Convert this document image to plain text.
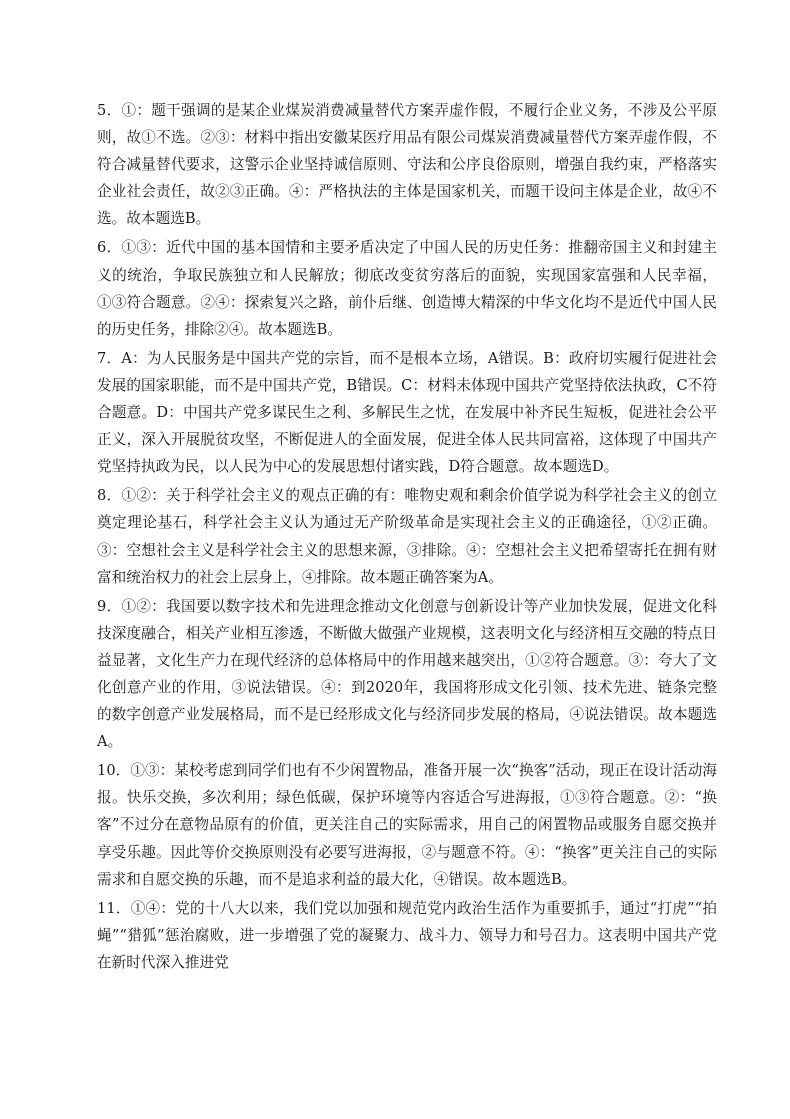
5．①：题干强调的是某企业煤炭消费减量替代方案弄虚作假，不履行企业义务，不涉及公平原则，故①不选。②③：材料中指出安徽某医疗用品有限公司煤炭消费减量替代方案弄虚作假，不符合减量替代要求，这警示企业坚持诚信原则、守法和公序良俗原则，增强自我约束，严格落实企业社会责任，故②③正确。④：严格执法的主体是国家机关，而题干设问主体是企业，故④不选。故本题选B。

6．①③：近代中国的基本国情和主要矛盾决定了中国人民的历史任务：推翻帝国主义和封建主义的统治，争取民族独立和人民解放；彻底改变贫穷落后的面貌，实现国家富强和人民幸福，①③符合题意。②④：探索复兴之路，前仆后继、创造博大精深的中华文化均不是近代中国人民的历史任务，排除②④。故本题选B。

7．A：为人民服务是中国共产党的宗旨，而不是根本立场，A错误。B：政府切实履行促进社会发展的国家职能，而不是中国共产党，B错误。C：材料未体现中国共产党坚持依法执政，C不符合题意。D：中国共产党多谋民生之利、多解民生之忧，在发展中补齐民生短板，促进社会公平正义，深入开展脱贫攻坚，不断促进人的全面发展，促进全体人民共同富裕，这体现了中国共产党坚持执政为民，以人民为中心的发展思想付诸实践，D符合题意。故本题选D。

8．①②：关于科学社会主义的观点正确的有：唯物史观和剩余价值学说为科学社会主义的创立奠定理论基石，科学社会主义认为通过无产阶级革命是实现社会主义的正确途径，①②正确。③：空想社会主义是科学社会主义的思想来源，③排除。④：空想社会主义把希望寄托在拥有财富和统治权力的社会上层身上，④排除。故本题正确答案为A。

9．①②：我国要以数字技术和先进理念推动文化创意与创新设计等产业加快发展，促进文化科技深度融合，相关产业相互渗透，不断做大做强产业规模，这表明文化与经济相互交融的特点日益显著，文化生产力在现代经济的总体格局中的作用越来越突出，①②符合题意。③：夸大了文化创意产业的作用，③说法错误。④：到2020年，我国将形成文化引领、技术先进、链条完整的数字创意产业发展格局，而不是已经形成文化与经济同步发展的格局，④说法错误。故本题选A。

10．①③：某校考虑到同学们也有不少闲置物品，准备开展一次“换客”活动，现正在设计活动海报。快乐交换，多次利用；绿色低碳，保护环境等内容适合写进海报，①③符合题意。②：“换客”不过分在意物品原有的价值，更关注自己的实际需求，用自己的闲置物品或服务自愿交换并享受乐趣。因此等价交换原则没有必要写进海报，②与题意不符。④：“换客”更关注自己的实际需求和自愿交换的乐趣，而不是追求利益的最大化，④错误。故本题选B。

11．①④：党的十八大以来，我们党以加强和规范党内政治生活作为重要抓手，通过“打虎”“拍蝇”“猎狐”惩治腐败，进一步增强了党的凝聚力、战斗力、领导力和号召力。这表明中国共产党在新时代深入推进党
